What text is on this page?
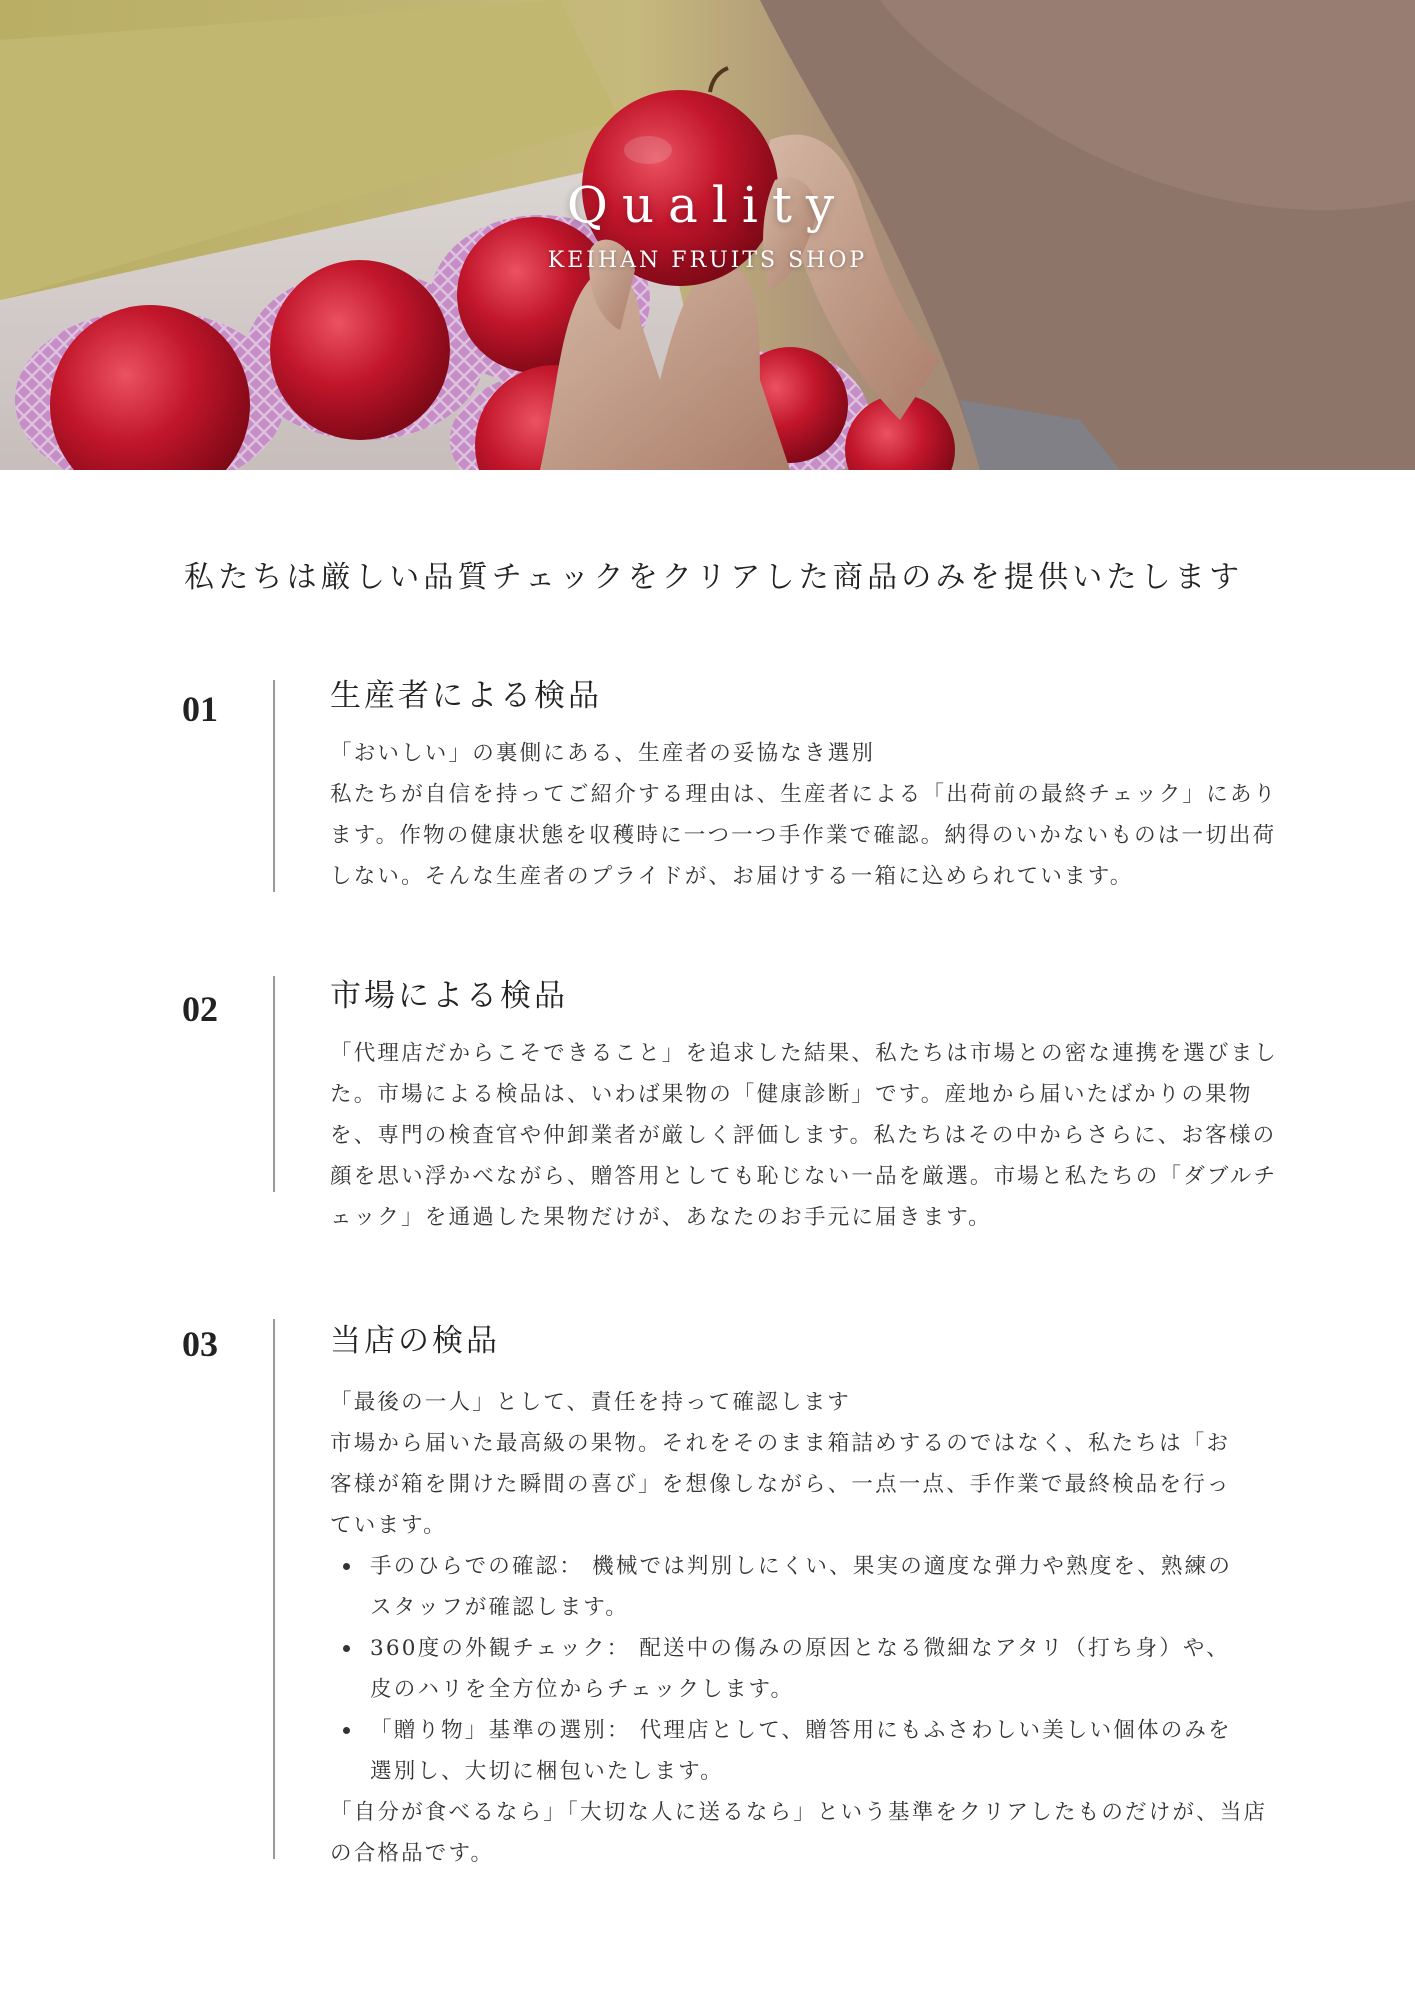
Quality
KEIHAN FRUITS SHOP
私たちは厳しい品質チェックをクリアした商品のみを提供いたします
01	生産者による検品

「おいしい」の裏側にある、生産者の妥協なき選別

私たちが自信を持ってご紹介する理由は、生産者による「出荷前の最終チェック」にあります。作物の健康状態を収穫時に一つ一つ手作業で確認。納得のいかないものは一切出荷しない。そんな生産者のプライドが、お届けする一箱に込められています。

02	市場による検品

「代理店だからこそできること」を追求した結果、私たちは市場との密な連携を選びました。市場による検品は、いわば果物の「健康診断」です。産地から届いたばかりの果物を、専門の検査官や仲卸業者が厳しく評価します。私たちはその中からさらに、お客様の顔を思い浮かべながら、贈答用としても恥じない一品を厳選。市場と私たちの「ダブルチェック」を通過した果物だけが、あなたのお手元に届きます。

03	当店の検品

「最後の一人」として、責任を持って確認します

市場から届いた最高級の果物。それをそのまま箱詰めするのではなく、私たちは「お客様が箱を開けた瞬間の喜び」を想像しながら、一点一点、手作業で最終検品を行っています。

手のひらでの確認： 機械では判別しにくい、果実の適度な弾力や熟度を、熟練のスタッフが確認します。
360度の外観チェック： 配送中の傷みの原因となる微細なアタリ（打ち身）や、皮のハリを全方位からチェックします。
「贈り物」基準の選別： 代理店として、贈答用にもふさわしい美しい個体のみを選別し、大切に梱包いたします。

「自分が食べるなら」「大切な人に送るなら」という基準をクリアしたものだけが、当店の合格品です。
